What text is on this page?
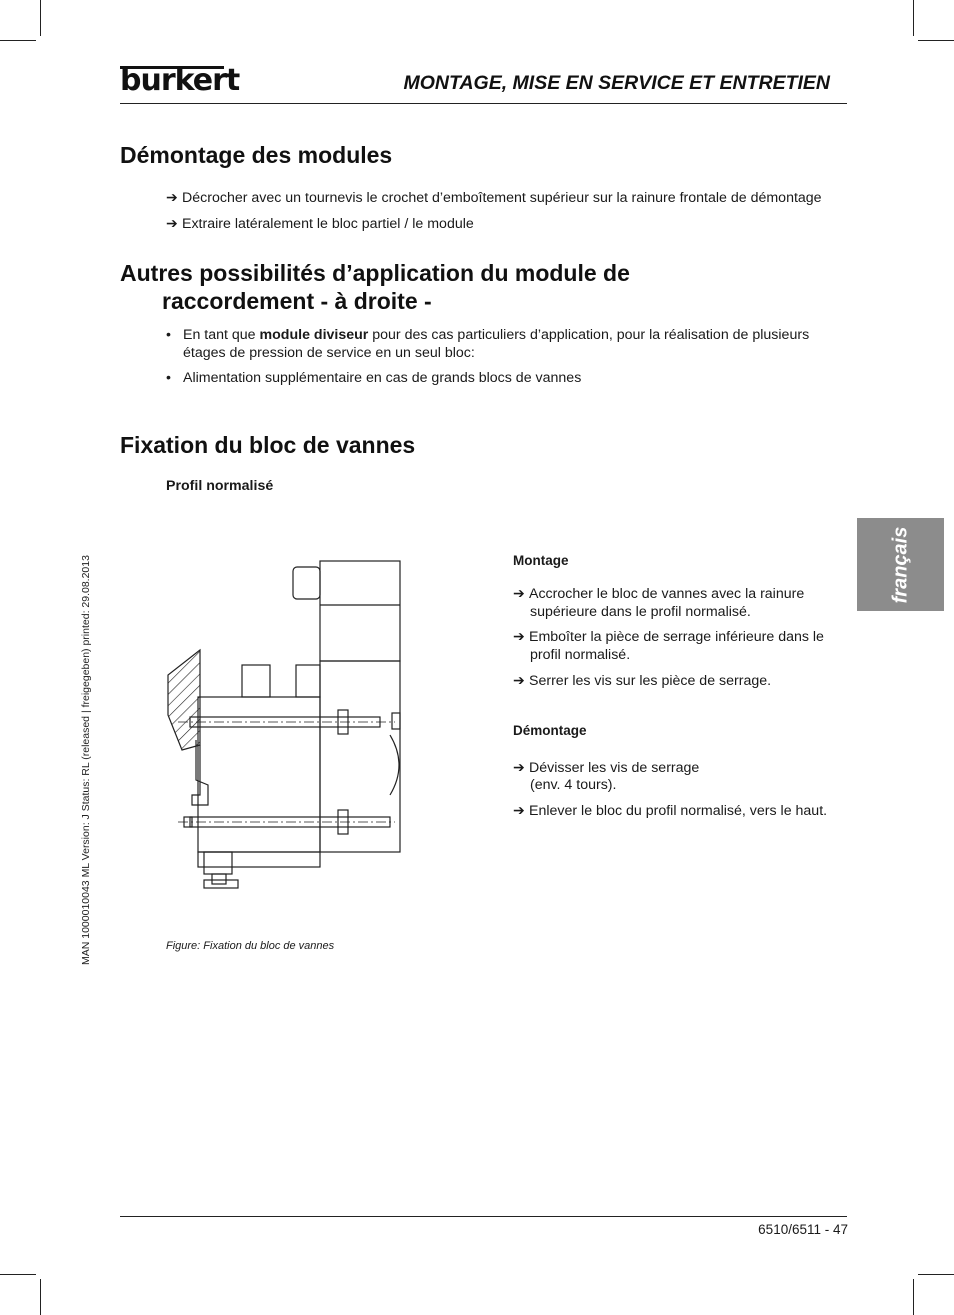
burkert	MONTAGE, MISE EN SERVICE ET ENTRETIEN
Démontage des modules
➔ Décrocher avec un tournevis le crochet d’emboîtement supérieur sur la rainure frontale de démontage
➔ Extraire latéralement le bloc partiel / le module
Autres possibilités d’application du module de
raccordement - à droite -
• En tant que module diviseur pour des cas particuliers d’application, pour la réalisation de plusieurs
étages de pression de service en un seul bloc:
• Alimentation supplémentaire en cas de grands blocs de vannes
Fixation du bloc de vannes
Profil normalisé
Figure: Fixation du bloc de vannes
Montage
➔ Accrocher le bloc de vannes avec la rainure
supérieure dans le profil normalisé.
➔ Emboîter la pièce de serrage inférieure dans le
profil normalisé.
➔ Serrer les vis sur les pièce de serrage.
Démontage
➔ Dévisser les vis de serrage
(env. 4 tours).
➔ Enlever le bloc du profil normalisé, vers le haut.
français
MAN 1000010043 ML Version: J Status: RL (released | freigegeben) printed: 29.08.2013
6510/6511 - 47
